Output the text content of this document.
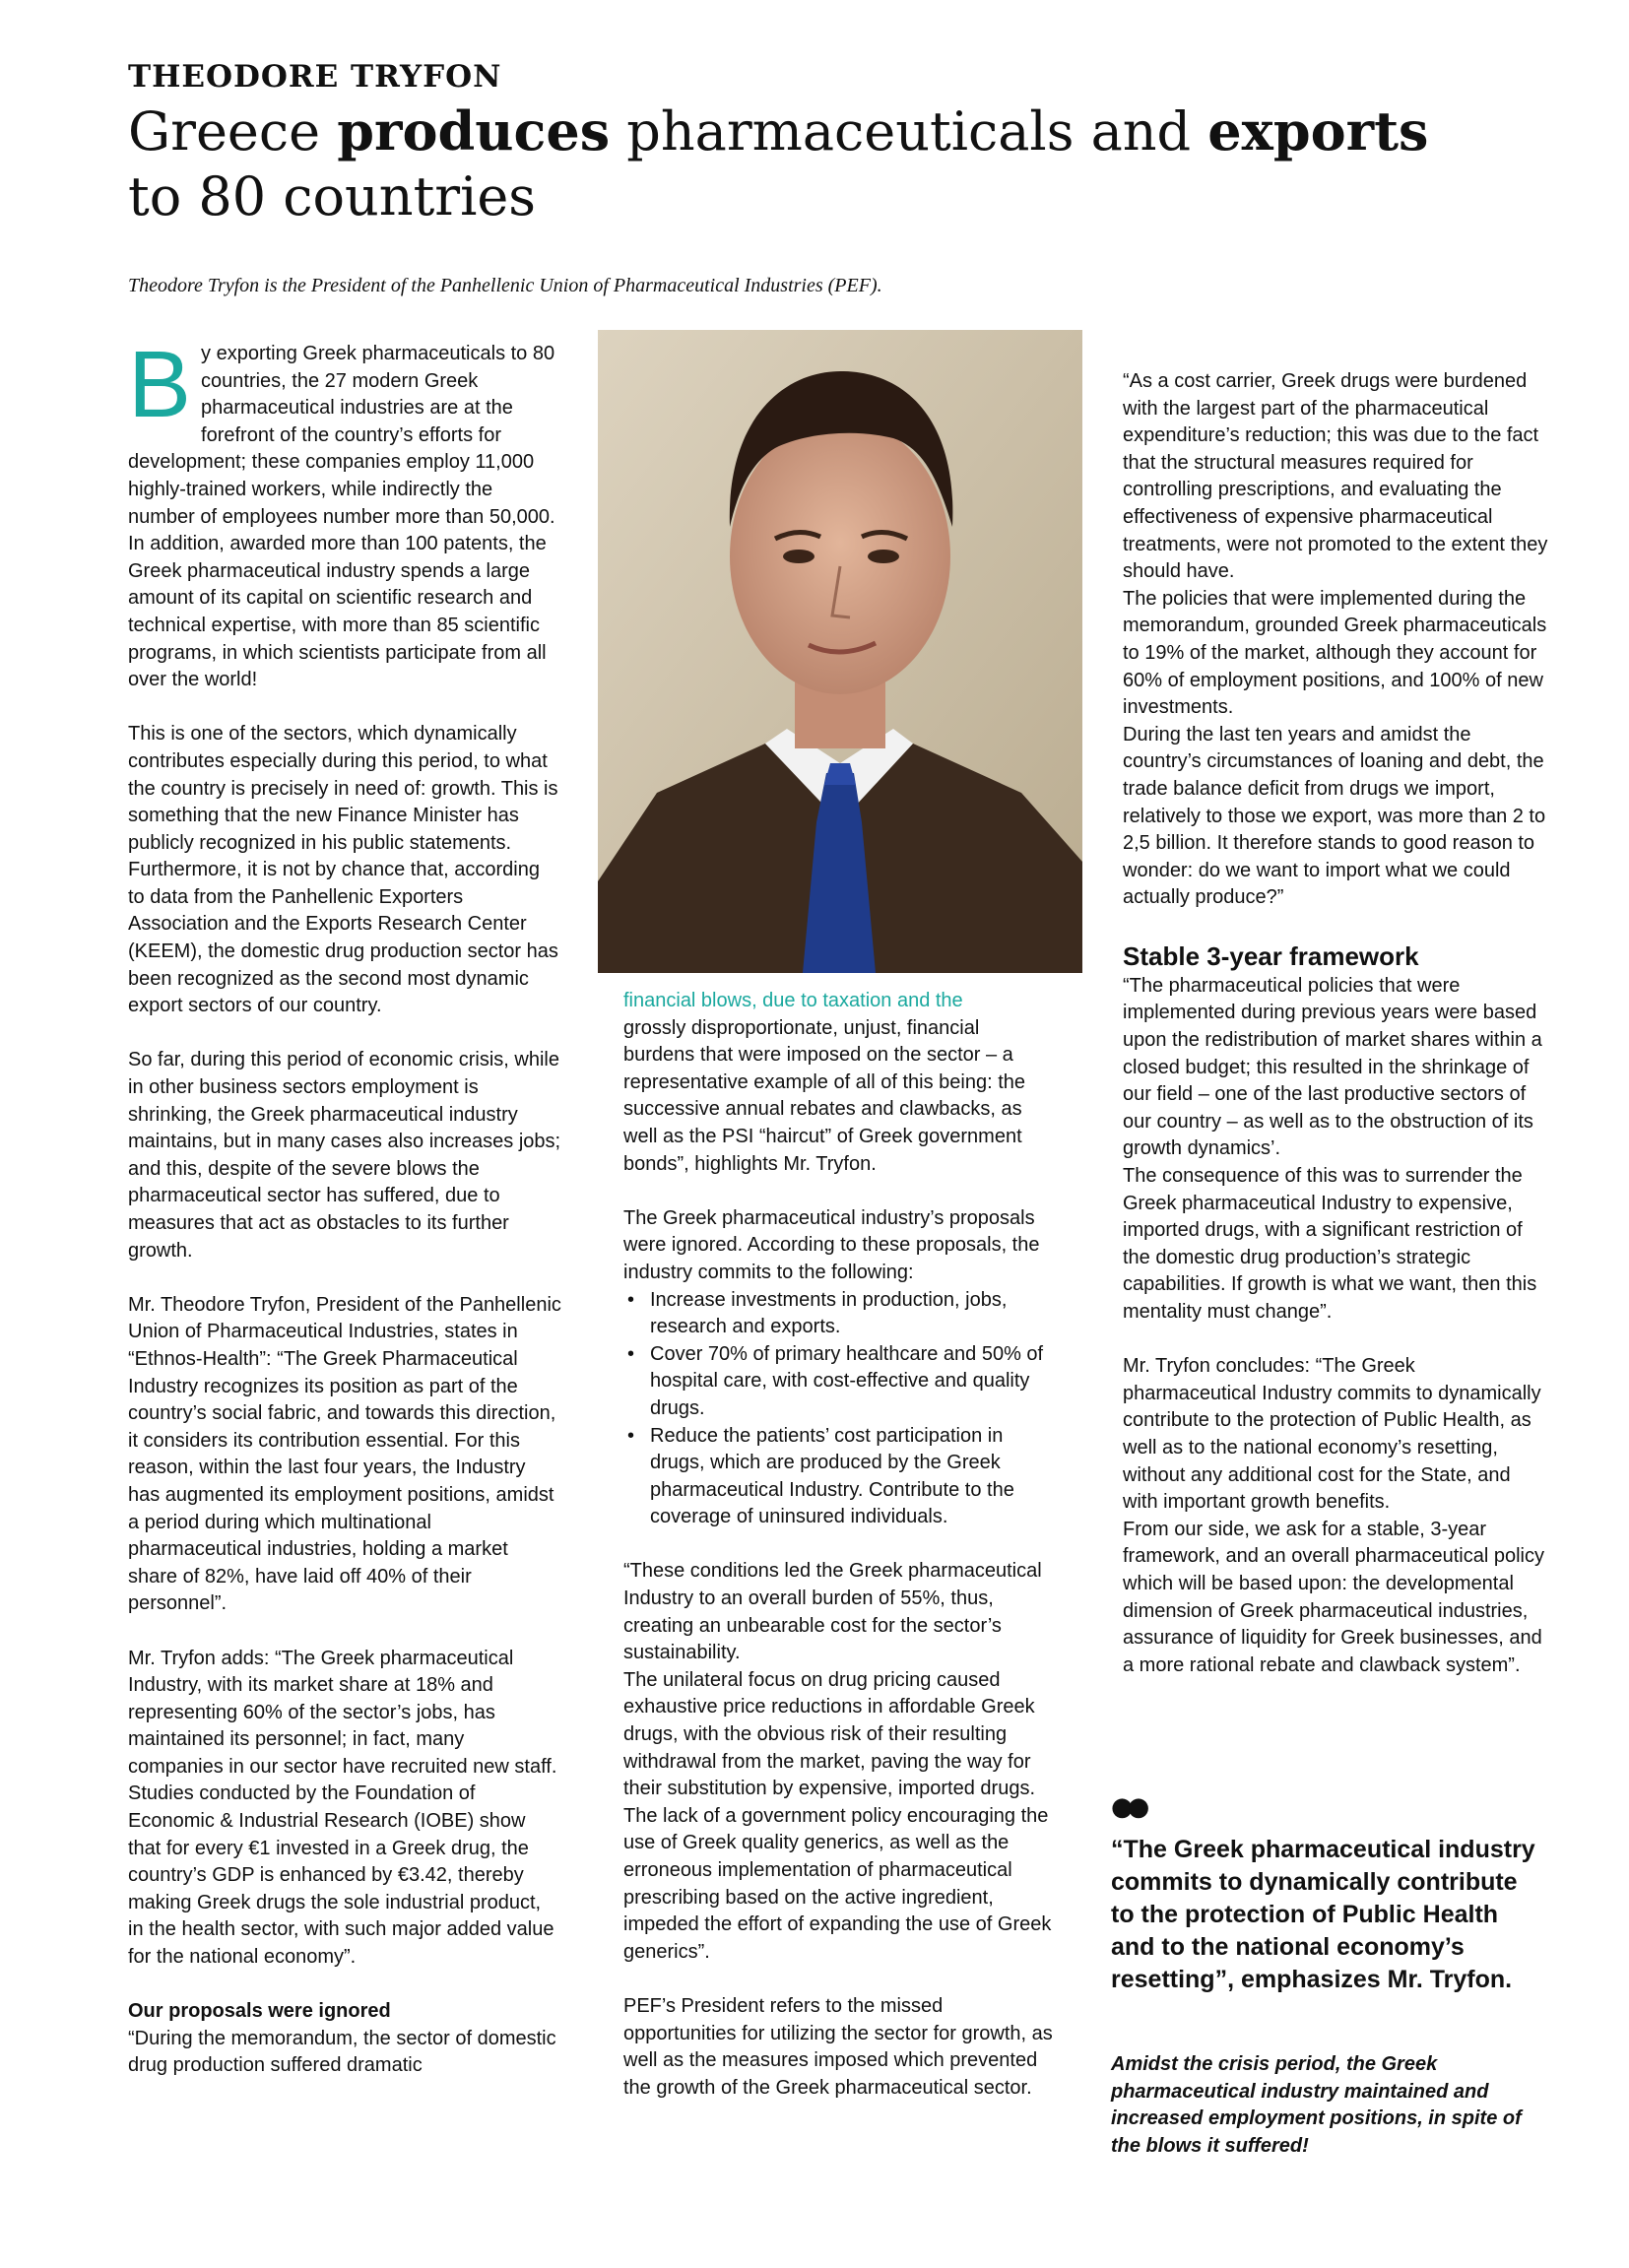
THEODORE TRYFON
Greece produces pharmaceuticals and exports
to 80 countries
Theodore Tryfon is the President of the Panhellenic Union of Pharmaceutical Industries (PEF).

By exporting Greek pharmaceuticals to 80 countries, the 27 modern Greek pharmaceutical industries are at the forefront of the country’s efforts for development; these companies employ 11,000 highly-trained workers, while indirectly the number of employees number more than 50,000. In addition, awarded more than 100 patents, the Greek pharmaceutical industry spends a large amount of its capital on scientific research and technical expertise, with more than 85 scientific programs, in which scientists participate from all over the world!

This is one of the sectors, which dynamically contributes especially during this period, to what the country is precisely in need of: growth. This is something that the new Finance Minister has publicly recognized in his public statements. Furthermore, it is not by chance that, according to data from the Panhellenic Exporters Association and the Exports Research Center (KEEM), the domestic drug production sector has been recognized as the second most dynamic export sectors of our country.

So far, during this period of economic crisis, while in other business sectors employment is shrinking, the Greek pharmaceutical industry maintains, but in many cases also increases jobs; and this, despite of the severe blows the pharmaceutical sector has suffered, due to measures that act as obstacles to its further growth.

Mr. Theodore Tryfon, President of the Panhellenic Union of Pharmaceutical Industries, states in “Ethnos-Health”: “The Greek Pharmaceutical Industry recognizes its position as part of the country’s social fabric, and towards this direction, it considers its contribution essential. For this reason, within the last four years, the Industry has augmented its employment positions, amidst a period during which multinational pharmaceutical industries, holding a market share of 82%, have laid off 40% of their personnel”.

Mr. Tryfon adds: “The Greek pharmaceutical Industry, with its market share at 18% and representing 60% of the sector’s jobs, has maintained its personnel; in fact, many companies in our sector have recruited new staff.

Studies conducted by the Foundation of Economic & Industrial Research (IOBE) show that for every €1 invested in a Greek drug, the country’s GDP is enhanced by €3.42, thereby making Greek drugs the sole industrial product, in the health sector, with such major added value for the national economy”.

Our proposals were ignored

“During the memorandum, the sector of domestic drug production suffered dramatic

financial blows, due to taxation and the

grossly disproportionate, unjust, financial burdens that were imposed on the sector – a representative example of all of this being: the successive annual rebates and clawbacks, as well as the PSI “haircut” of Greek government bonds”, highlights Mr. Tryfon.

The Greek pharmaceutical industry’s proposals were ignored. According to these proposals, the industry commits to the following:

• Increase investments in production, jobs, research and exports.
• Cover 70% of primary healthcare and 50% of hospital care, with cost-effective and quality drugs.
• Reduce the patients’ cost participation in drugs, which are produced by the Greek pharmaceutical Industry. Contribute to the coverage of uninsured individuals.

“These conditions led the Greek pharmaceutical Industry to an overall burden of 55%, thus, creating an unbearable cost for the sector’s sustainability.

The unilateral focus on drug pricing caused exhaustive price reductions in affordable Greek drugs, with the obvious risk of their resulting withdrawal from the market, paving the way for their substitution by expensive, imported drugs.

The lack of a government policy encouraging the use of Greek quality generics, as well as the erroneous implementation of pharmaceutical prescribing based on the active ingredient, impeded the effort of expanding the use of Greek generics”.

PEF’s President refers to the missed opportunities for utilizing the sector for growth, as well as the measures imposed which prevented the growth of the Greek pharmaceutical sector.

“As a cost carrier, Greek drugs were burdened with the largest part of the pharmaceutical expenditure’s reduction; this was due to the fact that the structural measures required for controlling prescriptions, and evaluating the effectiveness of expensive pharmaceutical treatments, were not promoted to the extent they should have.

The policies that were implemented during the memorandum, grounded Greek pharmaceuticals to 19% of the market, although they account for 60% of employment positions, and 100% of new investments.

During the last ten years and amidst the country’s circumstances of loaning and debt, the trade balance deficit from drugs we import, relatively to those we export, was more than 2 to 2,5 billion. It therefore stands to good reason to wonder: do we want to import what we could actually produce?”

Stable 3-year framework

“The pharmaceutical policies that were implemented during previous years were based upon the redistribution of market shares within a closed budget; this resulted in the shrinkage of our field – one of the last productive sectors of our country – as well as to the obstruction of its growth dynamics’.

The consequence of this was to surrender the Greek pharmaceutical Industry to expensive, imported drugs, with a significant restriction of the domestic drug production’s strategic capabilities. If growth is what we want, then this mentality must change”.

Mr. Tryfon concludes: “The Greek pharmaceutical Industry commits to dynamically contribute to the protection of Public Health, as well as to the national economy’s resetting, without any additional cost for the State, and with important growth benefits.

From our side, we ask for a stable, 3-year framework, and an overall pharmaceutical policy which will be based upon: the developmental dimension of Greek pharmaceutical industries, assurance of liquidity for Greek businesses, and a more rational rebate and clawback system”.

●●
“The Greek pharmaceutical industry commits to dynamically contribute to the protection of Public Health and to the national economy’s resetting”, emphasizes Mr. Tryfon.
Amidst the crisis period, the Greek pharmaceutical industry maintained and increased employment positions, in spite of the blows it suffered!
